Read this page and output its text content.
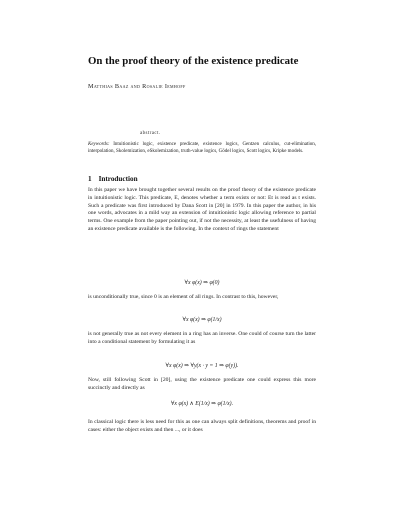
On the proof theory of the existence predicate
Matthias Baaz and Rosalie Iemhoff
abstract.
Keywords: Intuitionistic logic, existence predicate, existence logics, Gentzen calculus, cut-elimination, interpolation, Skolemization, eSkolemization, truth-value logics, Gödel logics, Scott logics, Kripke models.
1 Introduction
In this paper we have brought together several results on the proof theory of the existence predicate in intuitionistic logic. This predicate, E, denotes whether a term exists or not: Et is read as t exists. Such a predicate was first introduced by Dana Scott in [20] in 1979. In this paper the author, in his one words, advocates in a mild way an extension of intuitionistic logic allowing reference to partial terms. One example from the paper pointing out, if not the necessity, at least the usefulness of having an existence predicate available is the following. In the context of rings the statement
∀x φ(x) ⇒ φ(0)
is unconditionally true, since 0 is an element of all rings. In contrast to this, however,
∀x φ(x) ⇒ φ(1/x)
is not generally true as not every element in a ring has an inverse. One could of course turn the latter into a conditional statement by formulating it as
∀x φ(x) ⇒ ∀y(x · y = 1 ⇒ φ(y)).
Now, still following Scott in [20], using the existence predicate one could express this more succinctly and directly as
∀x φ(x) ∧ E(1/x) ⇒ φ(1/x).
In classical logic there is less need for this as one can always split definitions, theorems and proof in cases: either the object exists and then ..., or it does
